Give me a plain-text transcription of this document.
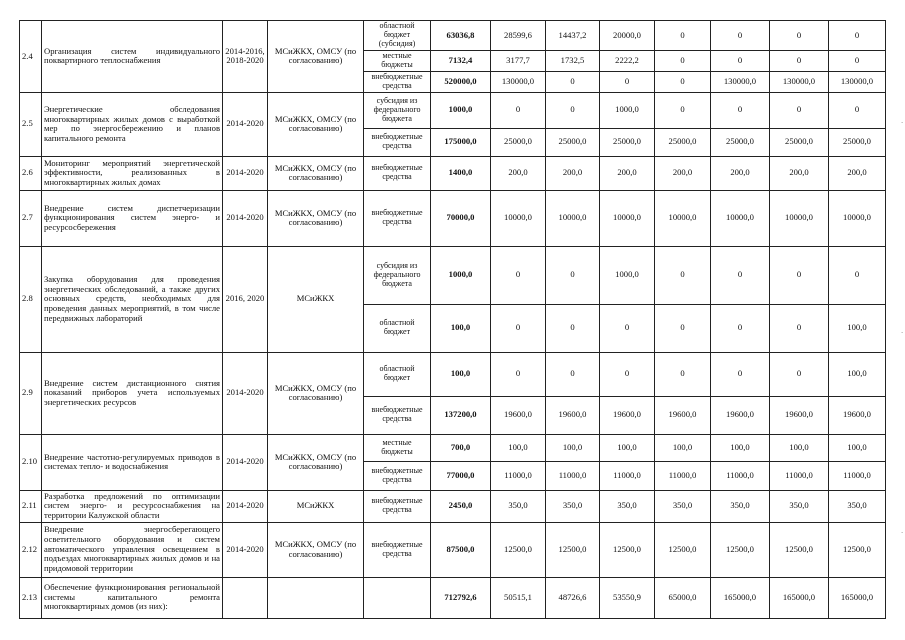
2.4	Организация систем индивидуального поквартирного теплоснабжения	2014-2016, 2018-2020	МСиЖКХ, ОМСУ (по согласованию)	областной бюджет (субсидия)	63036,8	28599,6	14437,2	20000,0	0	0	0	0
				местные бюджеты	7132,4	3177,7	1732,5	2222,2	0	0	0	0
				внебюджетные средства	520000,0	130000,0	0	0	0	130000,0	130000,0	130000,0
2.5	Энергетические обследования многоквартирных жилых домов с выработкой мер по энергосбережению и планов капитального ремонта	2014-2020	МСиЖКХ, ОМСУ (по согласованию)	субсидия из федерального бюджета	1000,0	0	0	1000,0	0	0	0	0
				внебюджетные средства	175000,0	25000,0	25000,0	25000,0	25000,0	25000,0	25000,0	25000,0
2.6	Мониторинг мероприятий энергетической эффективности, реализованных в многоквартирных жилых домах	2014-2020	МСиЖКХ, ОМСУ (по согласованию)	внебюджетные средства	1400,0	200,0	200,0	200,0	200,0	200,0	200,0	200,0
2.7	Внедрение систем диспетчеризации функционирования систем энерго- и ресурсосбережения	2014-2020	МСиЖКХ, ОМСУ (по согласованию)	внебюджетные средства	70000,0	10000,0	10000,0	10000,0	10000,0	10000,0	10000,0	10000,0
2.8	Закупка оборудования для проведения энергетических обследований, а также других основных средств, необходимых для проведения данных мероприятий, в том числе передвижных лабораторий	2016, 2020	МСиЖКХ	субсидия из федерального бюджета	1000,0	0	0	1000,0	0	0	0	0
				областной бюджет	100,0	0	0	0	0	0	0	100,0
2.9	Внедрение систем дистанционного снятия показаний приборов учета используемых энергетических ресурсов	2014-2020	МСиЖКХ, ОМСУ (по согласованию)	областной бюджет	100,0	0	0	0	0	0	0	100,0
				внебюджетные средства	137200,0	19600,0	19600,0	19600,0	19600,0	19600,0	19600,0	19600,0
2.10	Внедрение частотно-регулируемых приводов в системах тепло- и водоснабжения	2014-2020	МСиЖКХ, ОМСУ (по согласованию)	местные бюджеты	700,0	100,0	100,0	100,0	100,0	100,0	100,0	100,0
				внебюджетные средства	77000,0	11000,0	11000,0	11000,0	11000,0	11000,0	11000,0	11000,0
2.11	Разработка предложений по оптимизации систем энерго- и ресурсоснабжения на территории Калужской области	2014-2020	МСиЖКХ	внебюджетные средства	2450,0	350,0	350,0	350,0	350,0	350,0	350,0	350,0
2.12	Внедрение энергосберегающего осветительного оборудования и систем автоматического управления освещением в подъездах многоквартирных жилых домов и на придомовой территории	2014-2020	МСиЖКХ, ОМСУ (по согласованию)	внебюджетные средства	87500,0	12500,0	12500,0	12500,0	12500,0	12500,0	12500,0	12500,0
2.13	Обеспечение функционирования региональной системы капитального ремонта многоквартирных домов (из них):				712792,6	50515,1	48726,6	53550,9	65000,0	165000,0	165000,0	165000,0
·
·
·
